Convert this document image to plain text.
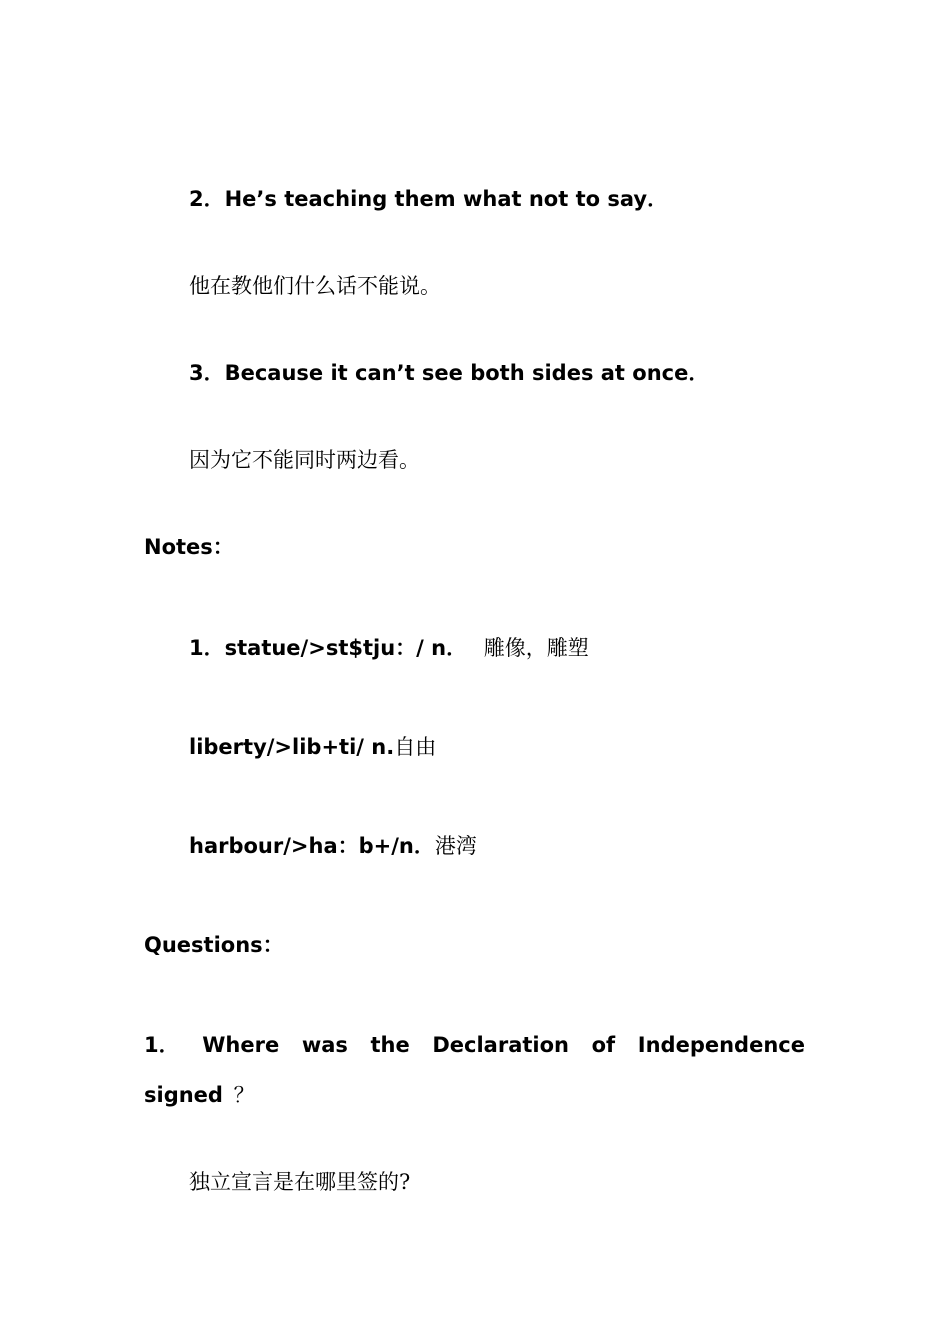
2．He’s teaching them what not to say．
他在教他们什么话不能说。
3．Because it can’t see both sides at once．
因为它不能同时两边看。
Notes：
1．statue/>st$tju：/ n． 雕像，雕塑
liberty/>lib+ti/ n.自由
harbour/>ha：b+/n．港湾
Questions：
1． Where was the Declaration of Independence
signed ？
独立宣言是在哪里签的?
